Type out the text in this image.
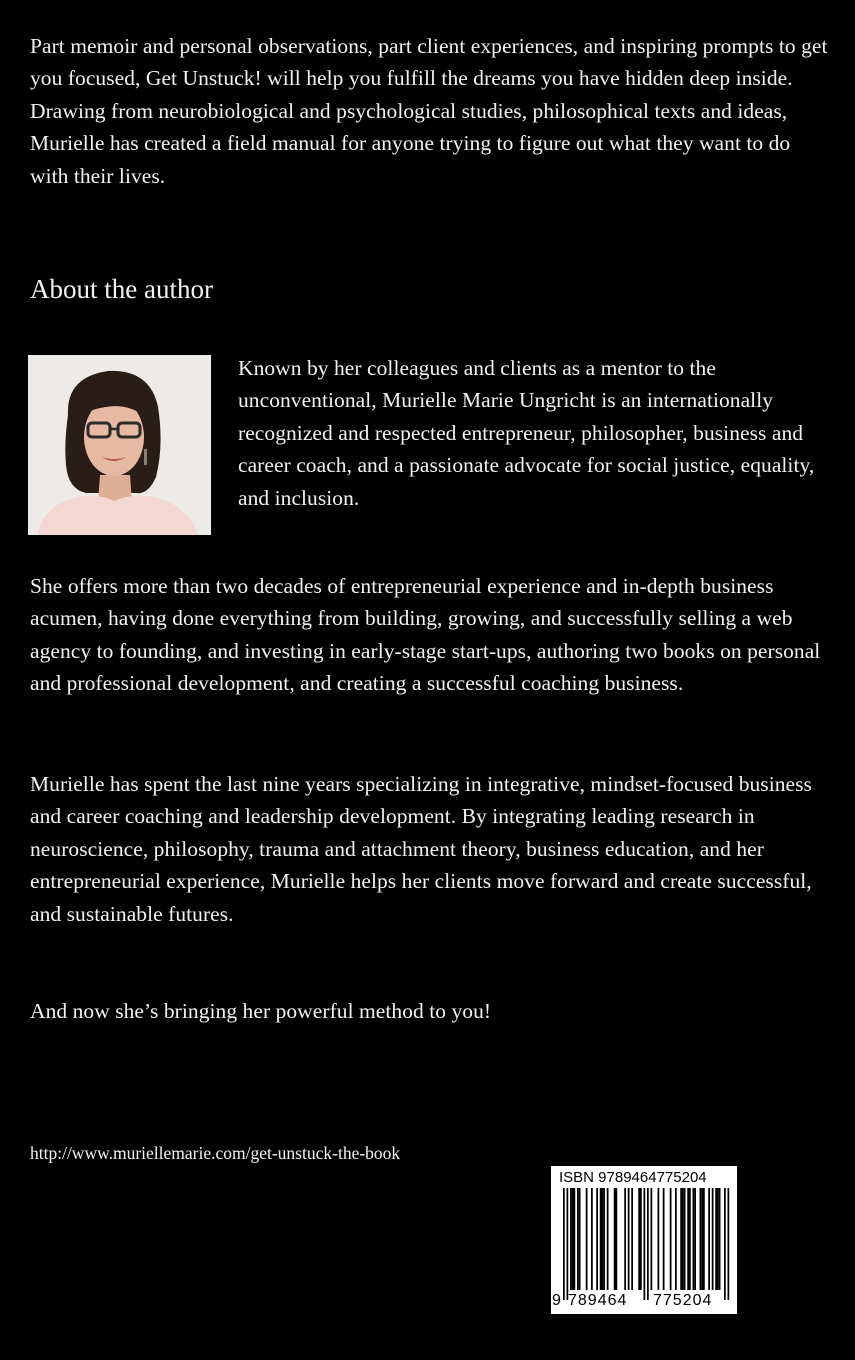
Part memoir and personal observations, part client experiences, and inspiring prompts to get you focused, Get Unstuck! will help you fulfill the dreams you have hidden deep inside. Drawing from neurobiological and psychological studies, philosophical texts and ideas, Murielle has created a field manual for anyone trying to figure out what they want to do with their lives.

About the author

Known by her colleagues and clients as a mentor to the unconventional, Murielle Marie Ungricht is an internationally recognized and respected entrepreneur, philosopher, business and career coach, and a passionate advocate for social justice, equality, and inclusion.

She offers more than two decades of entrepreneurial experience and in-depth business acumen, having done everything from building, growing, and successfully selling a web agency to founding, and investing in early-stage start-ups, authoring two books on personal and professional development, and creating a successful coaching business.

Murielle has spent the last nine years specializing in integrative, mindset-focused business and career coaching and leadership development. By integrating leading research in neuroscience, philosophy, trauma and attachment theory, business education, and her entrepreneurial experience, Murielle helps her clients move forward and create successful, and sustainable futures.

And now she’s bringing her powerful method to you!

http://www.muriellemarie.com/get-unstuck-the-book
ISBN 9789464775204
9 789464 775204
